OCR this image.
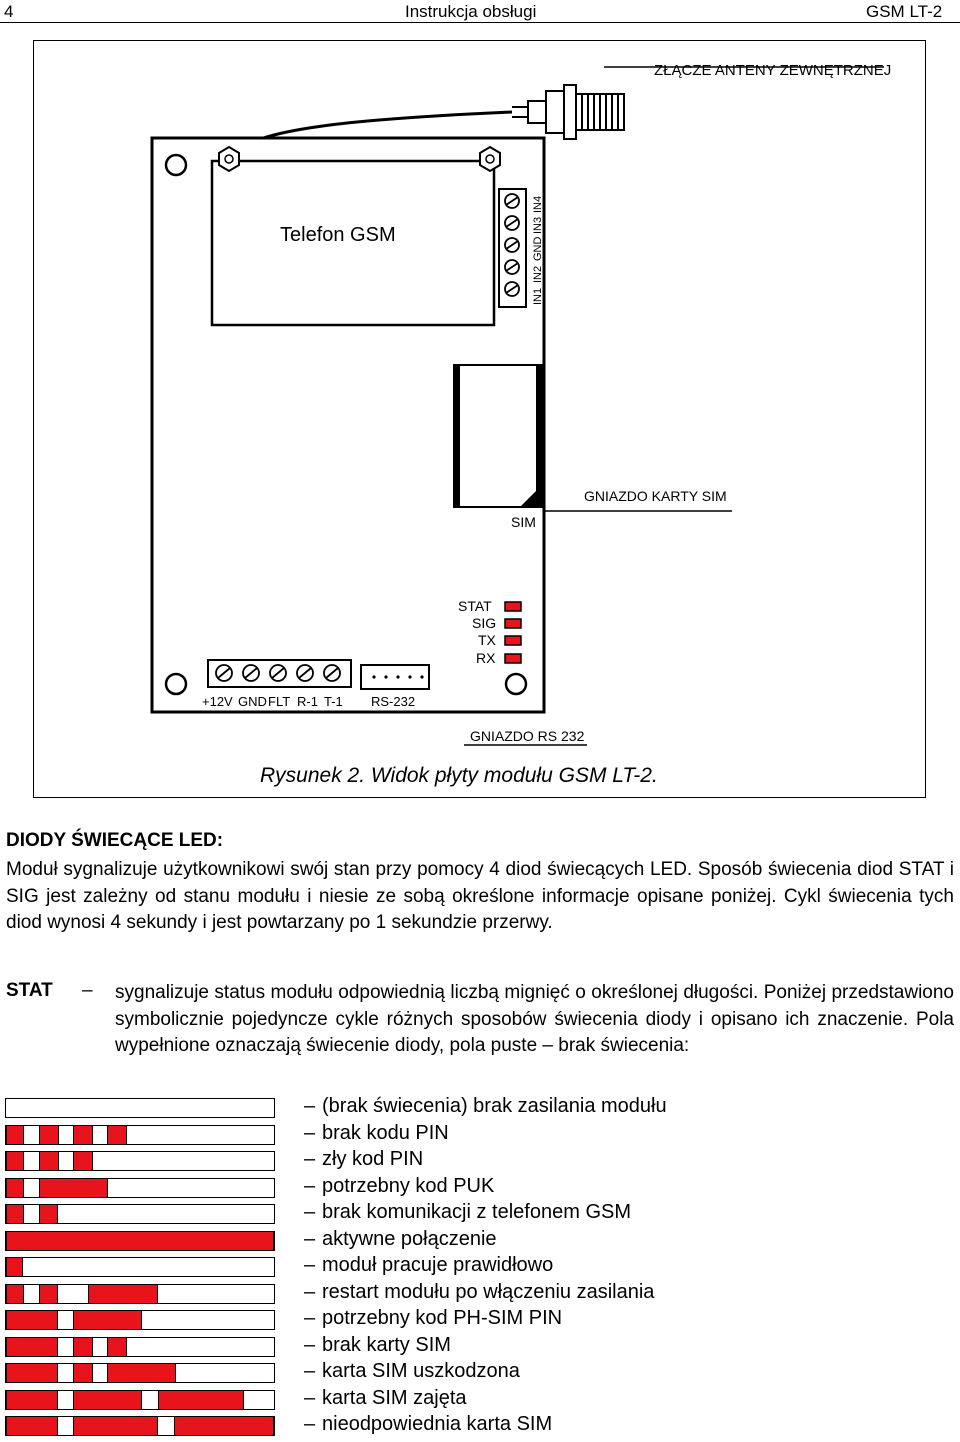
4	Instrukcja obsługi	GSM LT-2
ZŁĄCZE ANTENY ZEWNĘTRZNEJ
Telefon GSM
IN1
IN2
GND
IN3
IN4
GNIAZDO KARTY SIM
SIM
STAT
SIG
TX
RX
+12V GND FLT R-1 T-1 RS-232
GNIAZDO RS 232
Rysunek 2. Widok płyty modułu GSM LT-2.
DIODY ŚWIECĄCE LED:
Moduł sygnalizuje użytkownikowi swój stan przy pomocy 4 diod świecących LED. Sposób świecenia diod STAT i SIG jest zależny od stanu modułu i niesie ze sobą określone informacje opisane poniżej. Cykl świecenia tych diod wynosi 4 sekundy i jest powtarzany po 1 sekundzie przerwy.
STAT – sygnalizuje status modułu odpowiednią liczbą mignięć o określonej długości. Poniżej przedstawiono symbolicznie pojedyncze cykle różnych sposobów świecenia diody i opisano ich znaczenie. Pola wypełnione oznaczają świecenie diody, pola puste – brak świecenia:
– (brak świecenia) brak zasilania modułu
– brak kodu PIN
– zły kod PIN
– potrzebny kod PUK
– brak komunikacji z telefonem GSM
– aktywne połączenie
– moduł pracuje prawidłowo
– restart modułu po włączeniu zasilania
– potrzebny kod PH-SIM PIN
– brak karty SIM
– karta SIM uszkodzona
– karta SIM zajęta
– nieodpowiednia karta SIM
